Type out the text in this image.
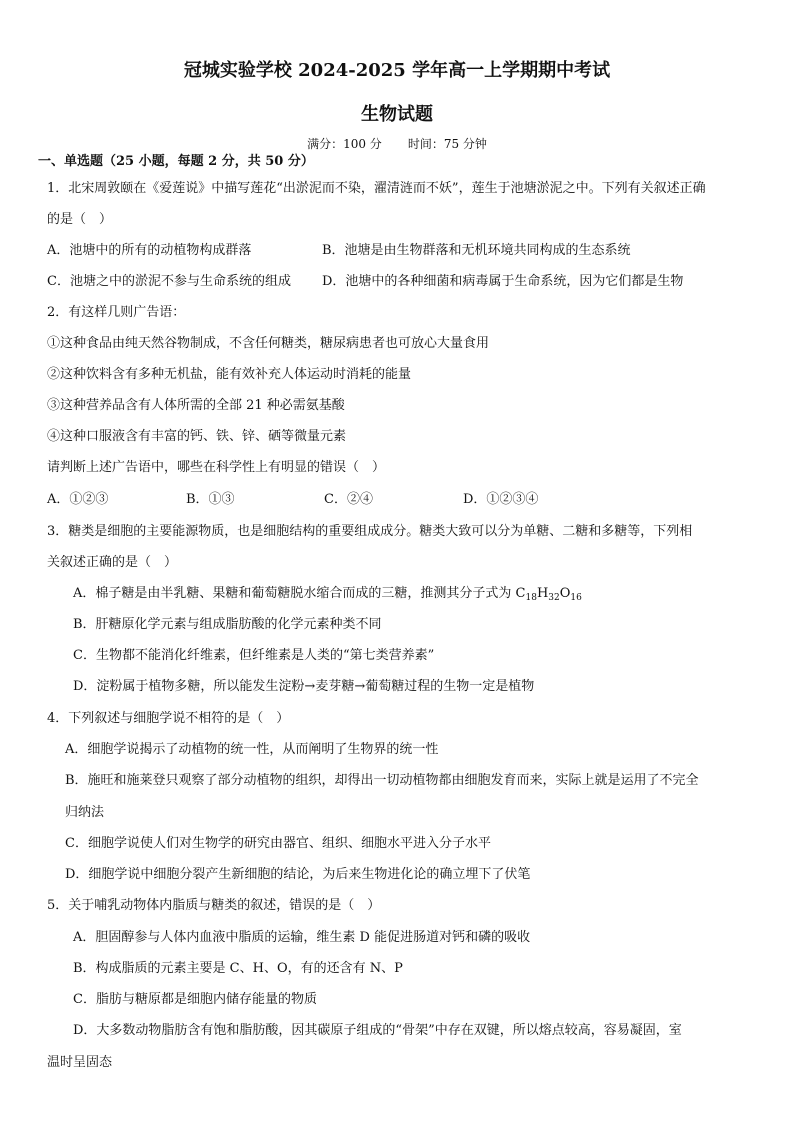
冠城实验学校 2024-2025 学年高一上学期期中考试
生物试题
满分：100 分 时间：75 分钟
一、单选题（25 小题，每题 2 分，共 50 分）
1．北宋周敦颐在《爱莲说》中描写莲花“出淤泥而不染，濯清涟而不妖”，莲生于池塘淤泥之中。下列有关叙述正确
的是（　）
A．池塘中的所有的动植物构成群落	B．池塘是由生物群落和无机环境共同构成的生态系统
C．池塘之中的淤泥不参与生命系统的组成 D．池塘中的各种细菌和病毒属于生命系统，因为它们都是生物
2．有这样几则广告语：
①这种食品由纯天然谷物制成，不含任何糖类，糖尿病患者也可放心大量食用
②这种饮料含有多种无机盐，能有效补充人体运动时消耗的能量
③这种营养品含有人体所需的全部 21 种必需氨基酸
④这种口服液含有丰富的钙、铁、锌、硒等微量元素
请判断上述广告语中，哪些在科学性上有明显的错误（　）
A．①②③	B．①③	C．②④	D．①②③④
3．糖类是细胞的主要能源物质，也是细胞结构的重要组成成分。糖类大致可以分为单糖、二糖和多糖等，下列相
关叙述正确的是（　）
A．棉子糖是由半乳糖、果糖和葡萄糖脱水缩合而成的三糖，推测其分子式为 $C_{18}H_{32}O_{16}$
B．肝糖原化学元素与组成脂肪酸的化学元素种类不同
C．生物都不能消化纤维素，但纤维素是人类的“第七类营养素”
D．淀粉属于植物多糖，所以能发生淀粉→麦芽糖→葡萄糖过程的生物一定是植物
4．下列叙述与细胞学说不相符的是（　）
A．细胞学说揭示了动植物的统一性，从而阐明了生物界的统一性
B．施旺和施莱登只观察了部分动植物的组织，却得出一切动植物都由细胞发育而来，实际上就是运用了不完全
归纳法
C．细胞学说使人们对生物学的研究由器官、组织、细胞水平进入分子水平
D．细胞学说中细胞分裂产生新细胞的结论，为后来生物进化论的确立埋下了伏笔
5．关于哺乳动物体内脂质与糖类的叙述，错误的是（　）
A．胆固醇参与人体内血液中脂质的运输，维生素 D 能促进肠道对钙和磷的吸收
B．构成脂质的元素主要是 C、H、O，有的还含有 N、P
C．脂肪与糖原都是细胞内储存能量的物质
D．大多数动物脂肪含有饱和脂肪酸，因其碳原子组成的“骨架”中存在双键，所以熔点较高，容易凝固，室
温时呈固态
